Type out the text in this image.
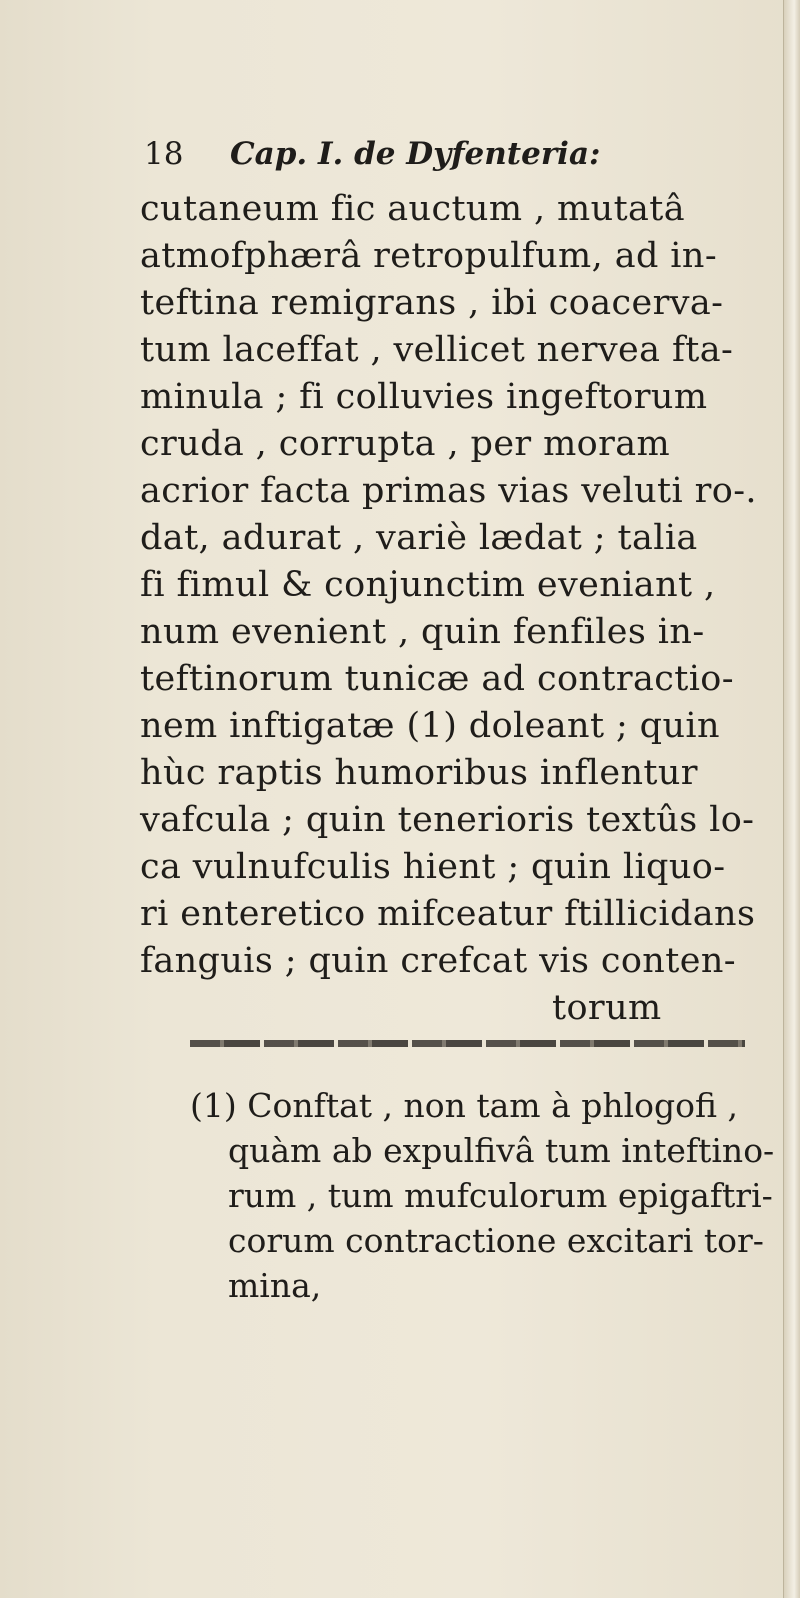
18 Cap. I. de Dyfenteria:
cutaneum fic auctum , mutatâ
atmofphærâ retropulfum, ad in-
teftina remigrans , ibi coacerva-
tum laceffat , vellicet nervea fta-
minula ; fi colluvies ingeftorum
cruda , corrupta , per moram
acrior facta primas vias veluti ro-.
dat, adurat , variè lædat ; talia
fi fimul & conjunctim eveniant ,
num evenient , quin fenfiles in-
teftinorum tunicæ ad contractio-
nem inftigatæ (1) doleant ; quin
hùc raptis humoribus inflentur
vafcula ; quin tenerioris textûs lo-
ca vulnufculis hient ; quin liquo-
ri enteretico mifceatur ftillicidans
fanguis ; quin crefcat vis conten-
torum
(1) Conftat , non tam à phlogofi ,
quàm ab expulfivâ tum inteftino-
rum , tum mufculorum epigaftri-
corum contractione excitari tor-
mina,
